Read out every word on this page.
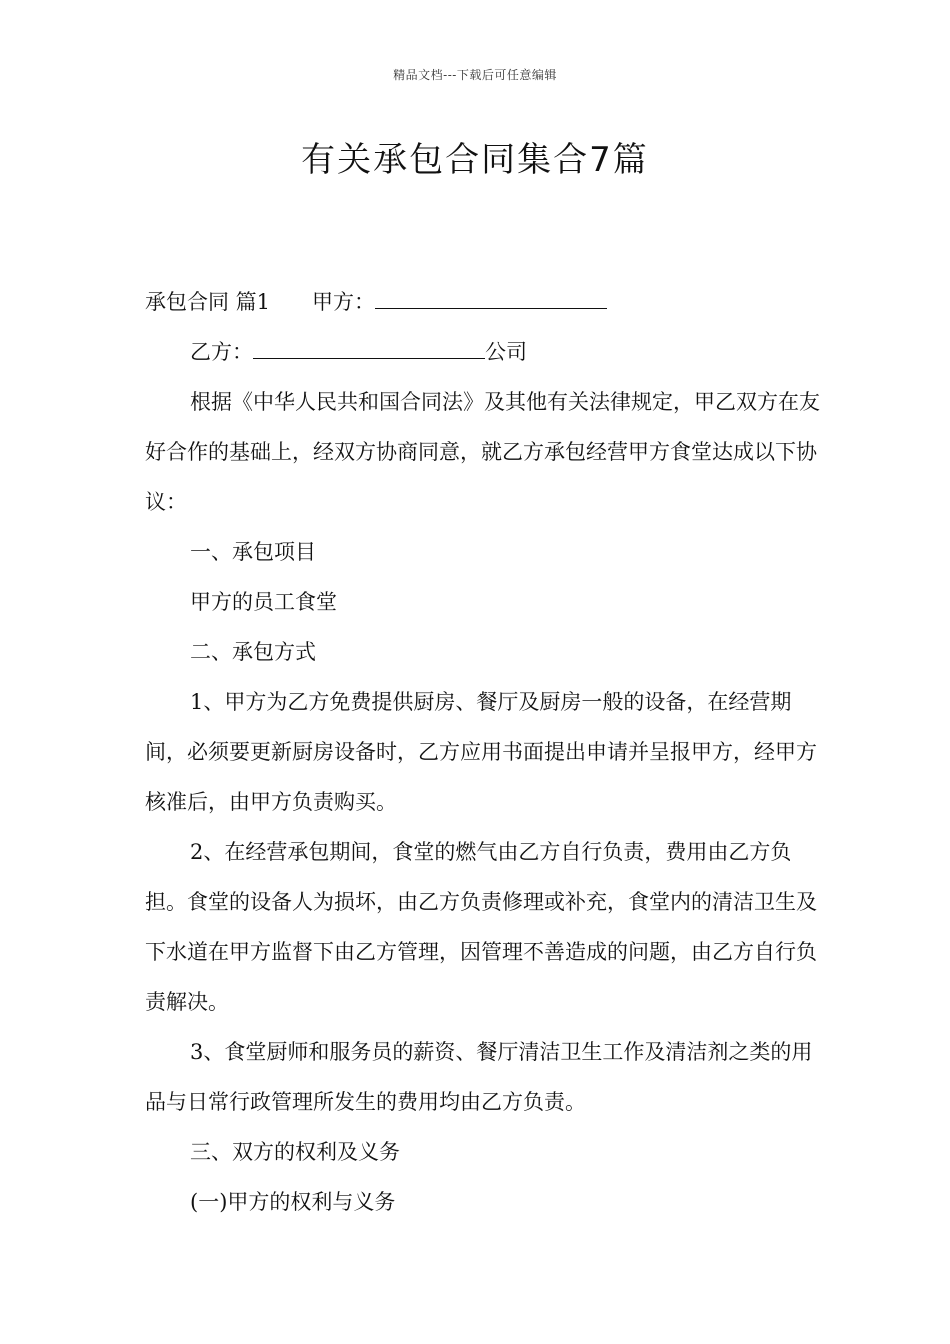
精品文档---下载后可任意编辑
有关承包合同集合7篇

承包合同 篇1 甲方：

乙方：	公司

根据《中华人民共和国合同法》及其他有关法律规定，甲乙双方在友好合作的基础上，经双方协商同意，就乙方承包经营甲方食堂达成以下协议：

一、承包项目

甲方的员工食堂

二、承包方式

1、甲方为乙方免费提供厨房、餐厅及厨房一般的设备，在经营期间，必须要更新厨房设备时，乙方应用书面提出申请并呈报甲方，经甲方核准后，由甲方负责购买。

2、在经营承包期间，食堂的燃气由乙方自行负责，费用由乙方负担。食堂的设备人为损坏，由乙方负责修理或补充，食堂内的清洁卫生及下水道在甲方监督下由乙方管理，因管理不善造成的问题，由乙方自行负责解决。

3、食堂厨师和服务员的薪资、餐厅清洁卫生工作及清洁剂之类的用品与日常行政管理所发生的费用均由乙方负责。

三、双方的权利及义务

(一)甲方的权利与义务
